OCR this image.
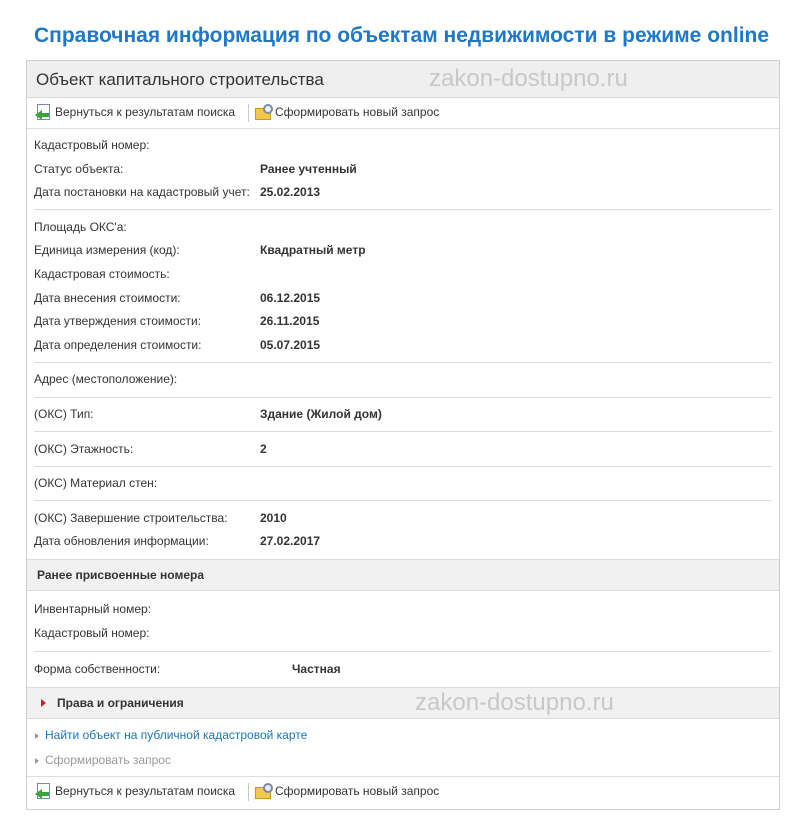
Справочная информация по объектам недвижимости в режиме online
Объект капитального строительства	zakon-dostupno.ru
Вернуться к результатам поиска	Сформировать новый запрос
Кадастровый номер:
Статус объекта:	Ранее учтенный
Дата постановки на кадастровый учет: 25.02.2013
Площадь ОКС'а:
Единица измерения (код):	Квадратный метр
Кадастровая стоимость:
Дата внесения стоимости:	06.12.2015
Дата утверждения стоимости:	26.11.2015
Дата определения стоимости:	05.07.2015
Адрес (местоположение):
(ОКС) Тип:	Здание (Жилой дом)
(ОКС) Этажность:	2
(ОКС) Материал стен:
(ОКС) Завершение строительства:	2010
Дата обновления информации:	27.02.2017
Ранее присвоенные номера
Инвентарный номер:
Кадастровый номер:
Форма собственности:	Частная
Права и ограничения	zakon-dostupno.ru
Найти объект на публичной кадастровой карте
Сформировать запрос
Вернуться к результатам поиска	Сформировать новый запрос
